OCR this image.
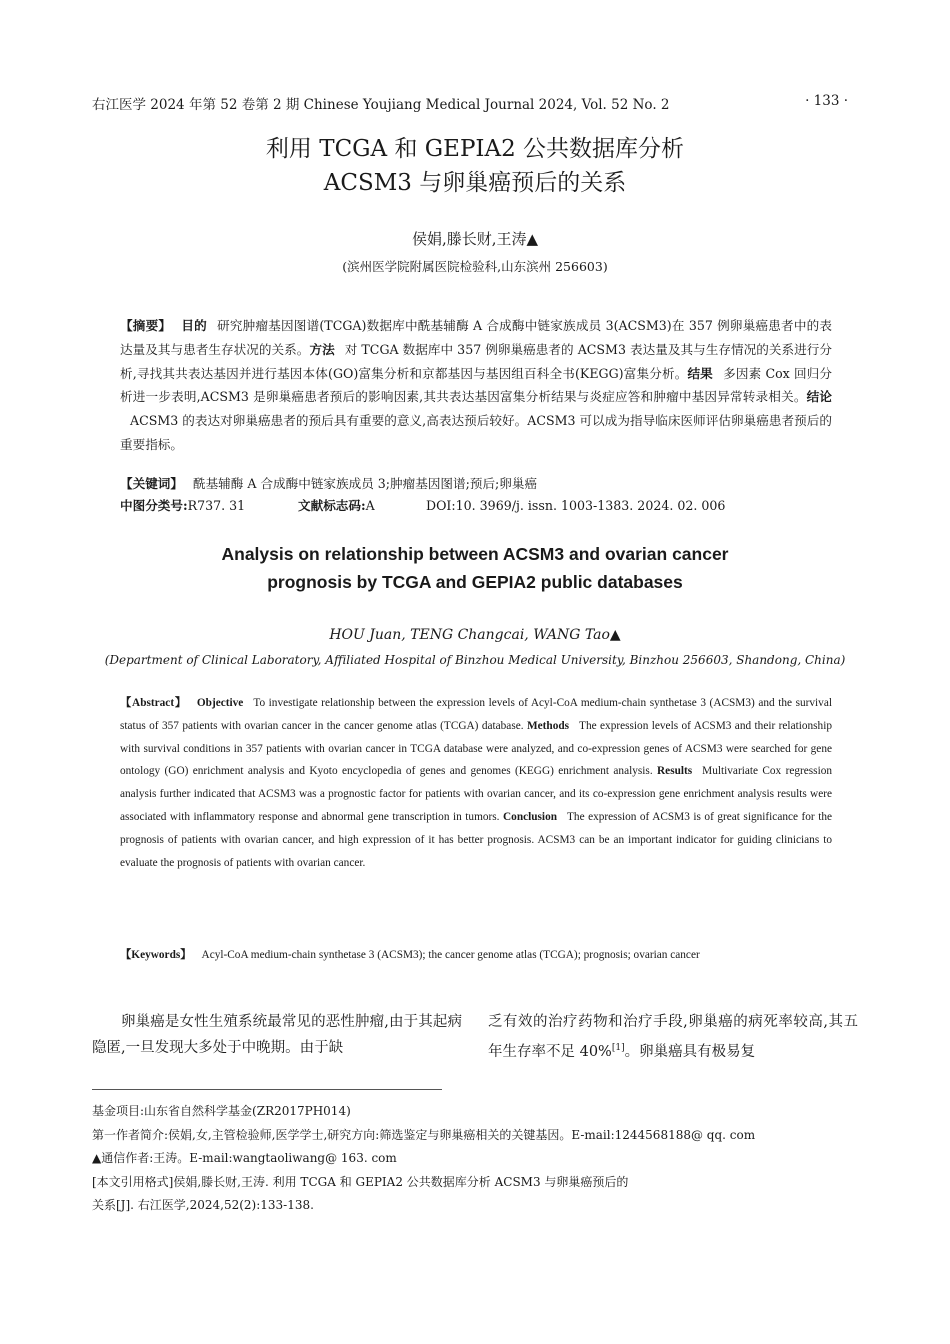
右江医学 2024 年第 52 卷第 2 期 Chinese Youjiang Medical Journal 2024, Vol. 52 No. 2	· 133 ·
利用 TCGA 和 GEPIA2 公共数据库分析
ACSM3 与卵巢癌预后的关系
侯娟,滕长财,王涛▲
(滨州医学院附属医院检验科,山东滨州 256603)
【摘要】 目的 研究肿瘤基因图谱(TCGA)数据库中酰基辅酶 A 合成酶中链家族成员 3(ACSM3)在 357 例卵巢癌患者中的表达量及其与患者生存状况的关系。方法 对 TCGA 数据库中 357 例卵巢癌患者的 ACSM3 表达量及其与生存情况的关系进行分析,寻找其共表达基因并进行基因本体(GO)富集分析和京都基因与基因组百科全书(KEGG)富集分析。结果 多因素 Cox 回归分析进一步表明,ACSM3 是卵巢癌患者预后的影响因素,其共表达基因富集分析结果与炎症应答和肿瘤中基因异常转录相关。结论ACSM3 的表达对卵巢癌患者的预后具有重要的意义,高表达预后较好。ACSM3 可以成为指导临床医师评估卵巢癌患者预后的重要指标。
【关键词】 酰基辅酶 A 合成酶中链家族成员 3;肿瘤基因图谱;预后;卵巢癌
中图分类号:R737. 31	文献标志码:A	DOI:10. 3969/j. issn. 1003-1383. 2024. 02. 006
Analysis on relationship between ACSM3 and ovarian cancer
prognosis by TCGA and GEPIA2 public databases
HOU Juan, TENG Changcai, WANG Tao▲
(Department of Clinical Laboratory, Affiliated Hospital of Binzhou Medical University, Binzhou 256603, Shandong, China)
【Abstract】 Objective To investigate relationship between the expression levels of Acyl-CoA medium-chain synthetase 3 (ACSM3) and the survival status of 357 patients with ovarian cancer in the cancer genome atlas (TCGA) database. Methods The expression levels of ACSM3 and their relationship with survival conditions in 357 patients with ovarian cancer in TCGA database were analyzed, and co-expression genes of ACSM3 were searched for gene ontology (GO) enrichment analysis and Kyoto encyclopedia of genes and genomes (KEGG) enrichment analysis. Results Multivariate Cox regression analysis further indicated that ACSM3 was a prognostic factor for patients with ovarian cancer, and its co-expression gene enrichment analysis results were associated with inflammatory response and abnormal gene transcription in tumors. Conclusion The expression of ACSM3 is of great significance for the prognosis of patients with ovarian cancer, and high expression of it has better prognosis. ACSM3 can be an important indicator for guiding clinicians to evaluate the prognosis of patients with ovarian cancer.
【Keywords】 Acyl-CoA medium-chain synthetase 3 (ACSM3); the cancer genome atlas (TCGA); prognosis; ovarian cancer
卵巢癌是女性生殖系统最常见的恶性肿瘤,由于其起病隐匿,一旦发现大多处于中晚期。由于缺
乏有效的治疗药物和治疗手段,卵巢癌的病死率较高,其五年生存率不足 40%[1]。卵巢癌具有极易复
基金项目:山东省自然科学基金(ZR2017PH014)
第一作者简介:侯娟,女,主管检验师,医学学士,研究方向:筛选鉴定与卵巢癌相关的关键基因。E-mail:1244568188@ qq. com
▲通信作者:王涛。E-mail:wangtaoliwang@ 163. com
[本文引用格式]侯娟,滕长财,王涛. 利用 TCGA 和 GEPIA2 公共数据库分析 ACSM3 与卵巢癌预后的
关系[J]. 右江医学,2024,52(2):133-138.
